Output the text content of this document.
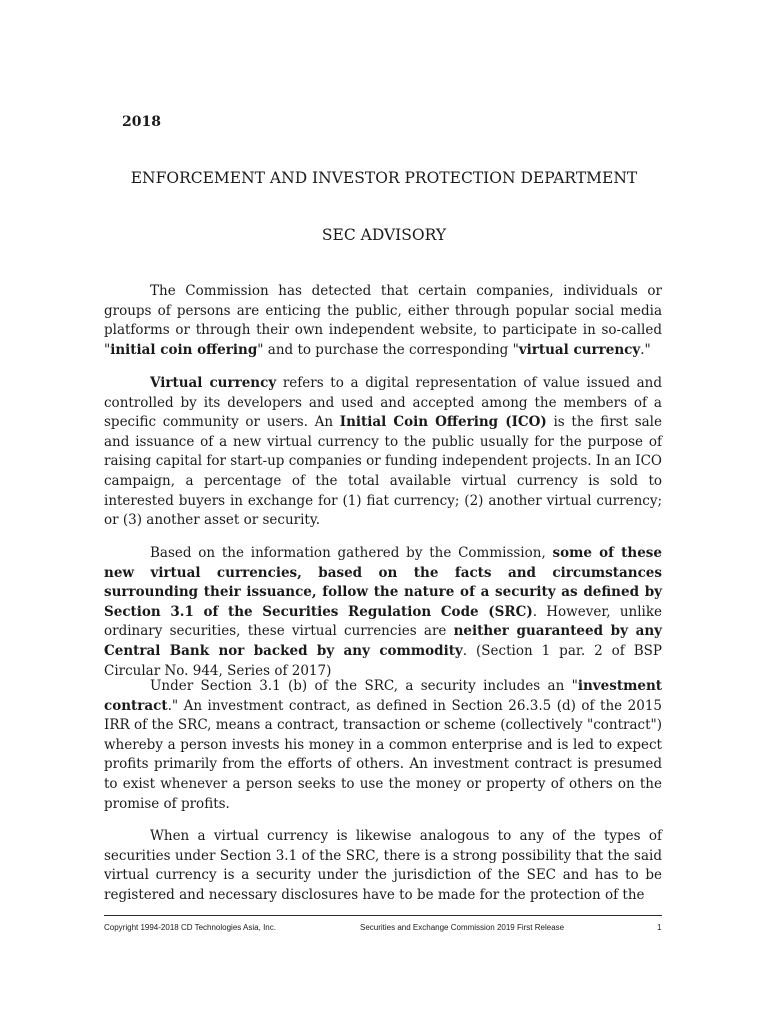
2018
ENFORCEMENT AND INVESTOR PROTECTION DEPARTMENT
SEC ADVISORY

The Commission has detected that certain companies, individuals or groups of persons are enticing the public, either through popular social media platforms or through their own independent website, to participate in so-called "initial coin offering" and to purchase the corresponding "virtual currency."

Virtual currency refers to a digital representation of value issued and controlled by its developers and used and accepted among the members of a specific community or users. An Initial Coin Offering (ICO) is the first sale and issuance of a new virtual currency to the public usually for the purpose of raising capital for start-up companies or funding independent projects. In an ICO campaign, a percentage of the total available virtual currency is sold to interested buyers in exchange for (1) fiat currency; (2) another virtual currency; or (3) another asset or security.

Based on the information gathered by the Commission, some of these new virtual currencies, based on the facts and circumstances surrounding their issuance, follow the nature of a security as defined by Section 3.1 of the Securities Regulation Code (SRC). However, unlike ordinary securities, these virtual currencies are neither guaranteed by any Central Bank nor backed by any commodity. (Section 1 par. 2 of BSP Circular No. 944, Series of 2017)

Under Section 3.1 (b) of the SRC, a security includes an "investment contract." An investment contract, as defined in Section 26.3.5 (d) of the 2015 IRR of the SRC, means a contract, transaction or scheme (collectively "contract") whereby a person invests his money in a common enterprise and is led to expect profits primarily from the efforts of others. An investment contract is presumed to exist whenever a person seeks to use the money or property of others on the promise of profits.

When a virtual currency is likewise analogous to any of the types of securities under Section 3.1 of the SRC, there is a strong possibility that the said virtual currency is a security under the jurisdiction of the SEC and has to be registered and necessary disclosures have to be made for the protection of the

Copyright 1994-2018 CD Technologies Asia, Inc.	Securities and Exchange Commission 2019 First Release	1
